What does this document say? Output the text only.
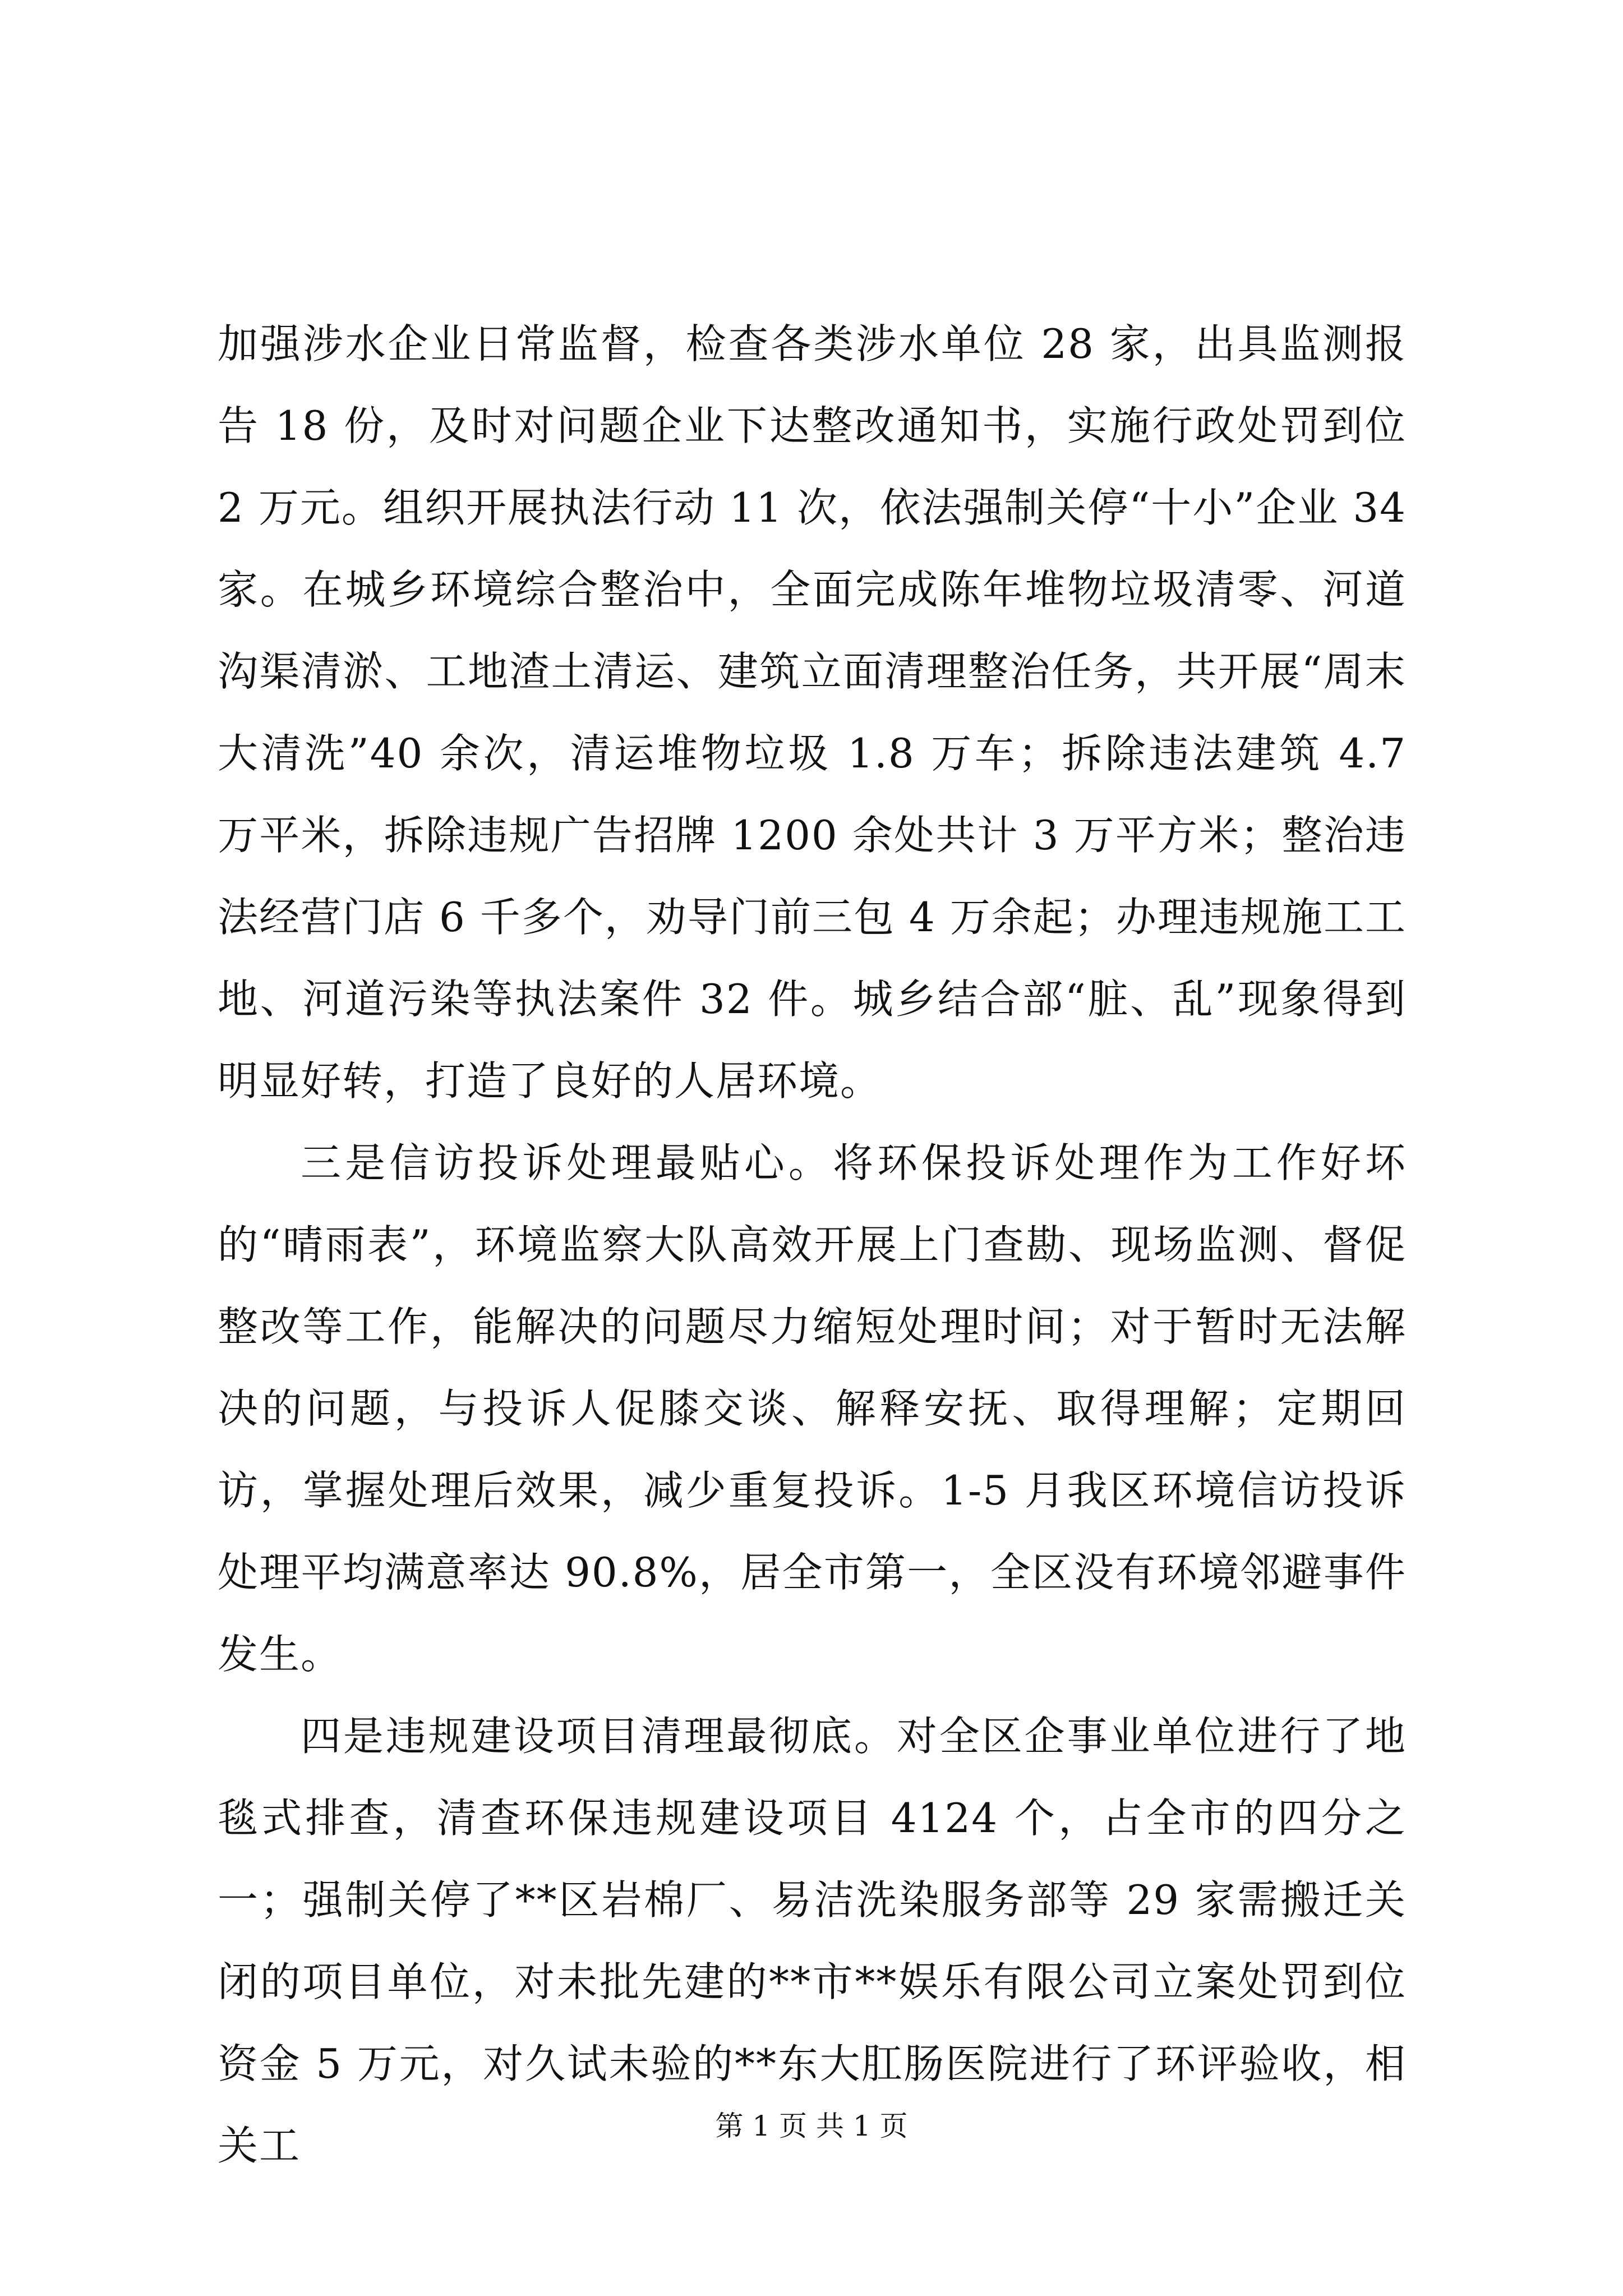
加强涉水企业日常监督，检查各类涉水单位 28 家，出具监测报告 18 份，及时对问题企业下达整改通知书，实施行政处罚到位 2 万元。组织开展执法行动 11 次，依法强制关停“十小”企业 34 家。在城乡环境综合整治中，全面完成陈年堆物垃圾清零、河道沟渠清淤、工地渣土清运、建筑立面清理整治任务，共开展“周末大清洗”40 余次，清运堆物垃圾 1.8 万车；拆除违法建筑 4.7 万平米，拆除违规广告招牌 1200 余处共计 3 万平方米；整治违法经营门店 6 千多个，劝导门前三包 4 万余起；办理违规施工工地、河道污染等执法案件 32 件。城乡结合部“脏、乱”现象得到明显好转，打造了良好的人居环境。

三是信访投诉处理最贴心。将环保投诉处理作为工作好坏的“晴雨表”，环境监察大队高效开展上门查勘、现场监测、督促整改等工作，能解决的问题尽力缩短处理时间；对于暂时无法解决的问题，与投诉人促膝交谈、解释安抚、取得理解；定期回访，掌握处理后效果，减少重复投诉。1-5 月我区环境信访投诉处理平均满意率达 90.8%，居全市第一，全区没有环境邻避事件发生。

四是违规建设项目清理最彻底。对全区企事业单位进行了地毯式排查，清查环保违规建设项目 4124 个，占全市的四分之一；强制关停了**区岩棉厂、易洁洗染服务部等 29 家需搬迁关闭的项目单位，对未批先建的**市**娱乐有限公司立案处罚到位资金 5 万元，对久试未验的**东大肛肠医院进行了环评验收，相关工	第 1 页 共 1 页
